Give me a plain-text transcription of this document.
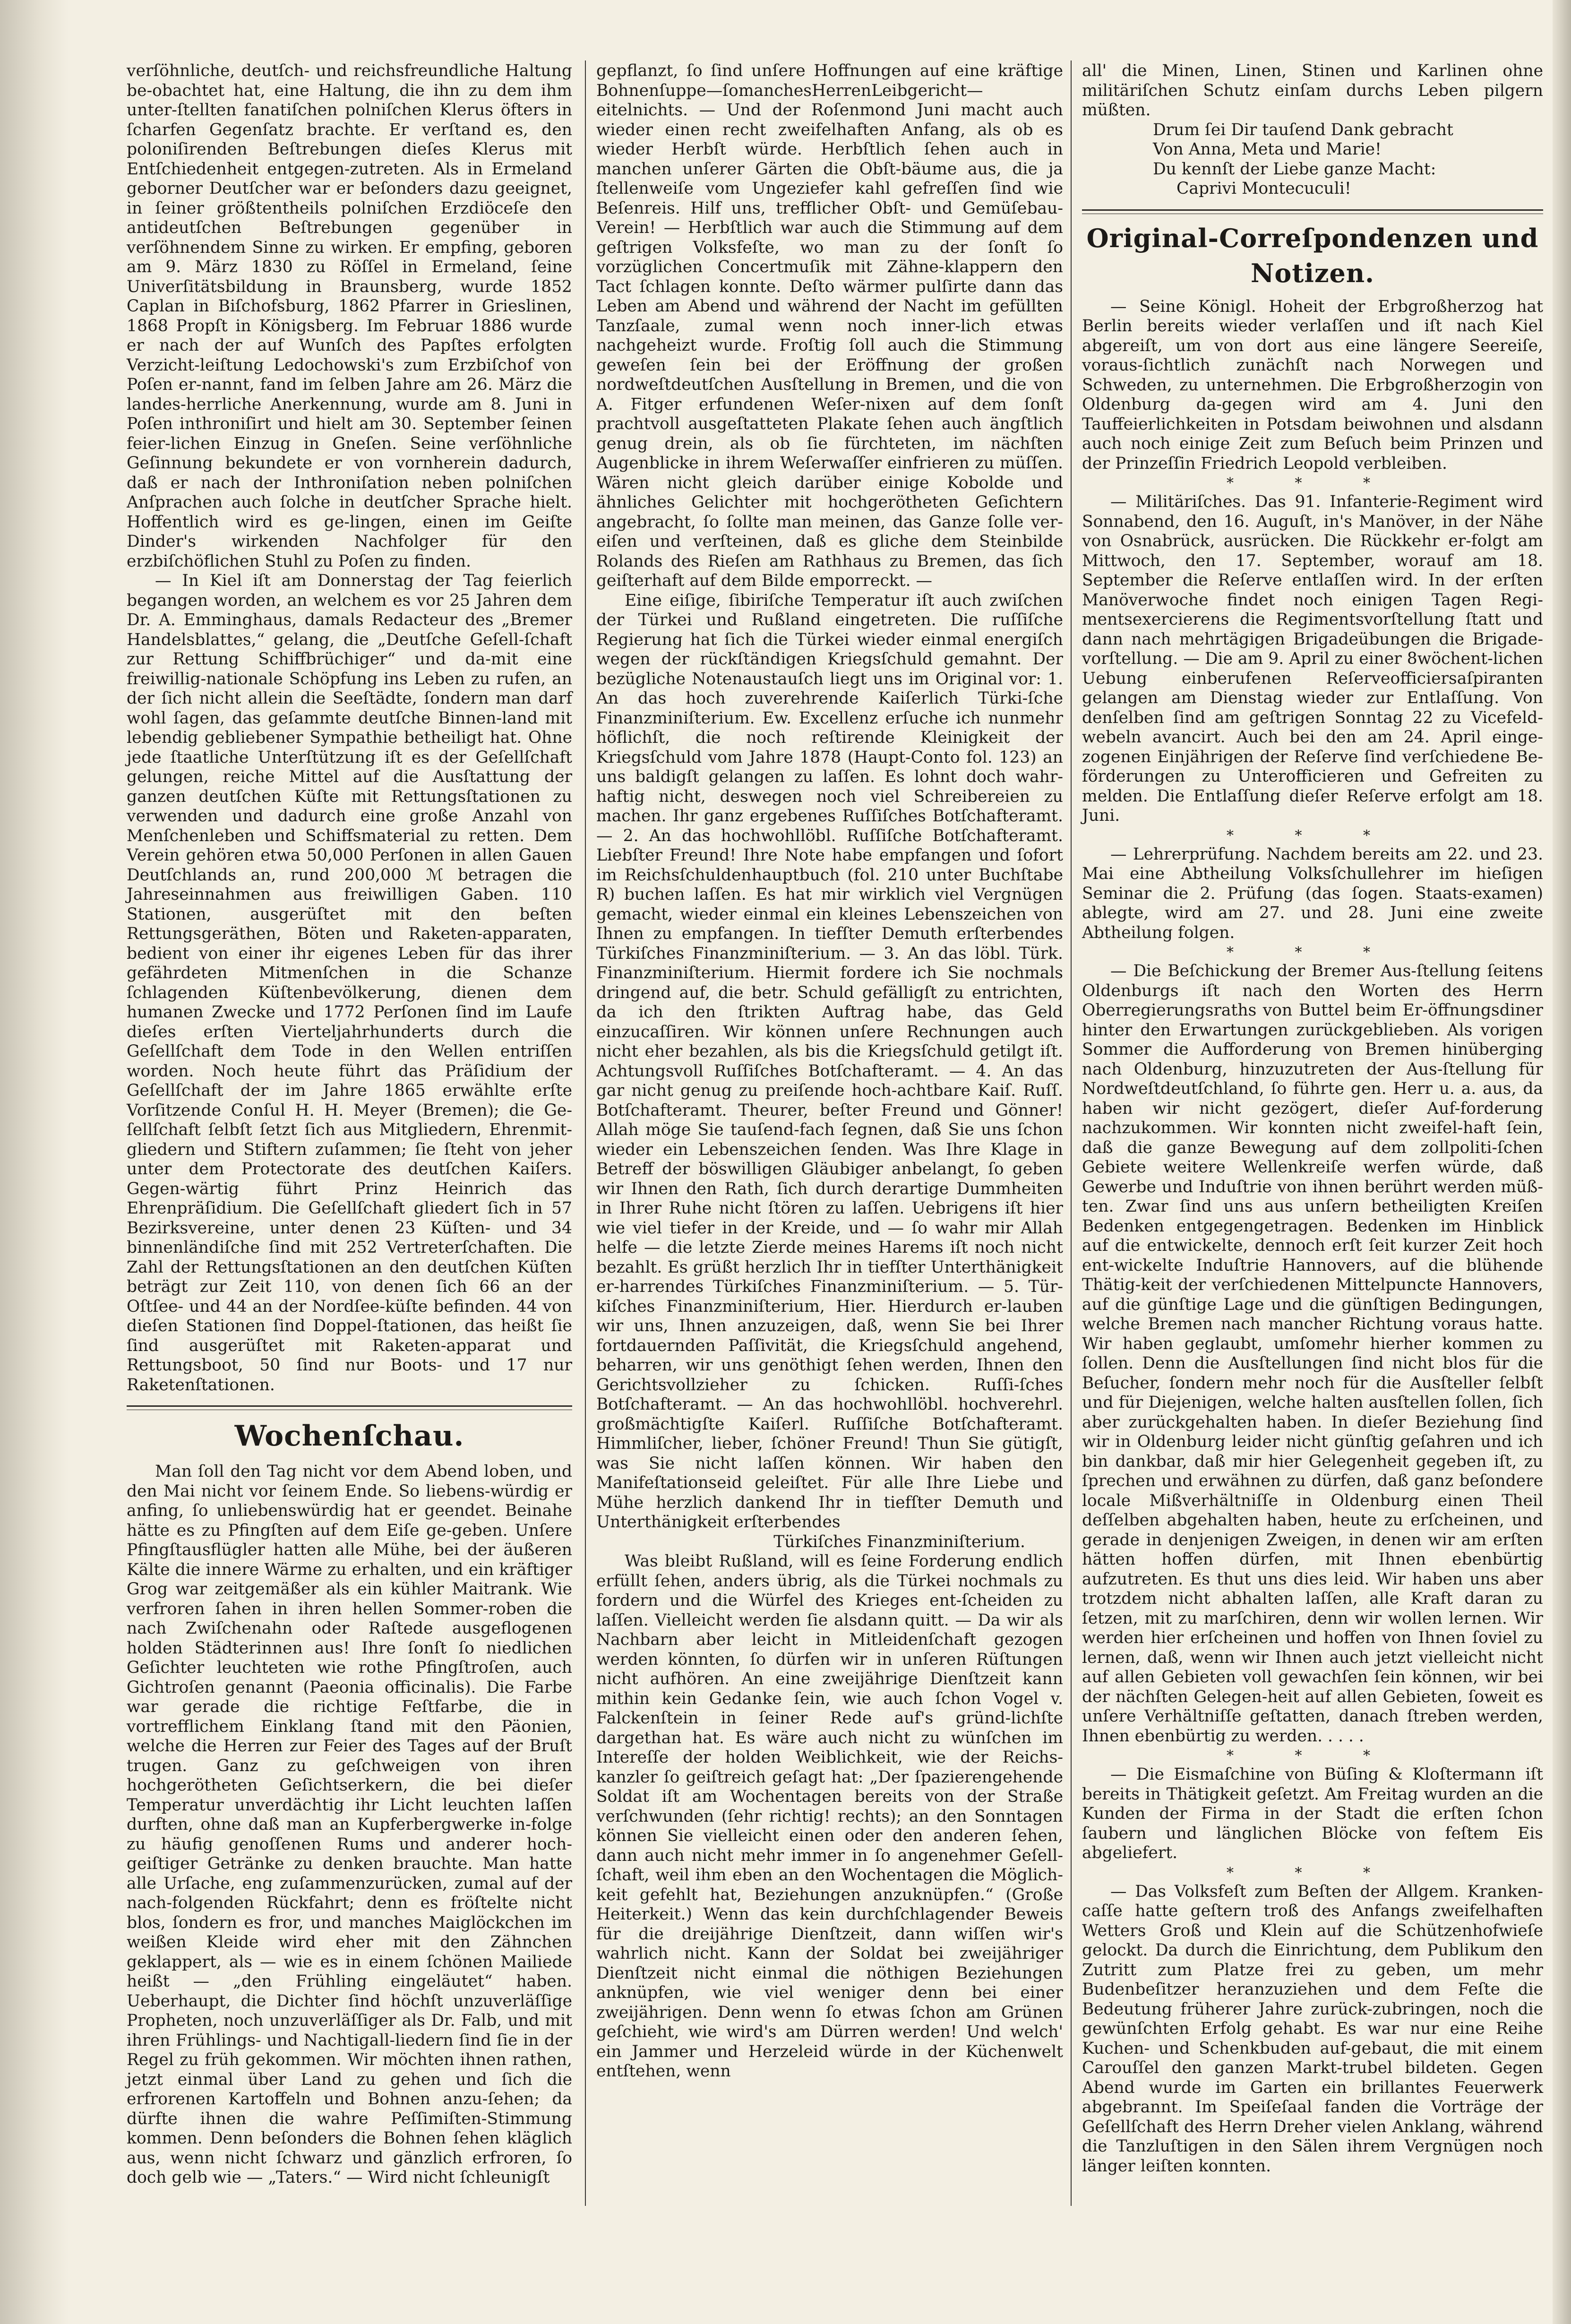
verſöhnliche, deutſch- und reichsfreundliche Haltung be-obachtet hat, eine Haltung, die ihn zu dem ihm unter-ſtellten fanatiſchen polniſchen Klerus öfters in ſcharfen Gegenſatz brachte. Er verſtand es, den poloniſirenden Beſtrebungen dieſes Klerus mit Entſchiedenheit entgegen-zutreten. Als in Ermeland geborner Deutſcher war er beſonders dazu geeignet, in ſeiner größtentheils polniſchen Erzdiöceſe den antideutſchen Beſtrebungen gegenüber in verſöhnendem Sinne zu wirken. Er empfing, geboren am 9. März 1830 zu Röſſel in Ermeland, ſeine Univerſitätsbildung in Braunsberg, wurde 1852 Caplan in Biſchofsburg, 1862 Pfarrer in Grieslinen, 1868 Propſt in Königsberg. Im Februar 1886 wurde er nach der auf Wunſch des Papſtes erfolgten Verzicht-leiſtung Ledochowski's zum Erzbiſchof von Poſen er-nannt, fand im ſelben Jahre am 26. März die landes-herrliche Anerkennung, wurde am 8. Juni in Poſen inthroniſirt und hielt am 30. September ſeinen feier-lichen Einzug in Gneſen. Seine verſöhnliche Geſinnung bekundete er von vornherein dadurch, daß er nach der Inthroniſation neben polniſchen Anſprachen auch ſolche in deutſcher Sprache hielt. Hoffentlich wird es ge-lingen, einen im Geiſte Dinder's wirkenden Nachfolger für den erzbiſchöflichen Stuhl zu Poſen zu finden.

— In Kiel iſt am Donnerstag der Tag feierlich begangen worden, an welchem es vor 25 Jahren dem Dr. A. Emminghaus, damals Redacteur des „Bremer Handelsblattes,“ gelang, die „Deutſche Geſell-ſchaft zur Rettung Schiffbrüchiger“ und da-mit eine freiwillig-nationale Schöpfung ins Leben zu rufen, an der ſich nicht allein die Seeſtädte, ſondern man darf wohl ſagen, das geſammte deutſche Binnen-land mit lebendig gebliebener Sympathie betheiligt hat. Ohne jede ſtaatliche Unterſtützung iſt es der Geſellſchaft gelungen, reiche Mittel auf die Ausſtattung der ganzen deutſchen Küſte mit Rettungsſtationen zu verwenden und dadurch eine große Anzahl von Menſchenleben und Schiffsmaterial zu retten. Dem Verein gehören etwa 50,000 Perſonen in allen Gauen Deutſchlands an, rund 200,000 ℳ betragen die Jahreseinnahmen aus freiwilligen Gaben. 110 Stationen, ausgerüſtet mit den beſten Rettungsgeräthen, Böten und Raketen-apparaten, bedient von einer ihr eigenes Leben für das ihrer gefährdeten Mitmenſchen in die Schanze ſchlagenden Küſtenbevölkerung, dienen dem humanen Zwecke und 1772 Perſonen ſind im Laufe dieſes erſten Vierteljahrhunderts durch die Geſellſchaft dem Tode in den Wellen entriſſen worden. Noch heute führt das Präſidium der Geſellſchaft der im Jahre 1865 erwählte erſte Vorſitzende Conſul H. H. Meyer (Bremen); die Ge-ſellſchaft ſelbſt ſetzt ſich aus Mitgliedern, Ehrenmit-gliedern und Stiftern zuſammen; ſie ſteht von jeher unter dem Protectorate des deutſchen Kaiſers. Gegen-wärtig führt Prinz Heinrich das Ehrenpräſidium. Die Geſellſchaft gliedert ſich in 57 Bezirksvereine, unter denen 23 Küſten- und 34 binnenländiſche ſind mit 252 Vertreterſchaften. Die Zahl der Rettungsſtationen an den deutſchen Küſten beträgt zur Zeit 110, von denen ſich 66 an der Oſtſee- und 44 an der Nordſee-küſte befinden. 44 von dieſen Stationen ſind Doppel-ſtationen, das heißt ſie ſind ausgerüſtet mit Raketen-apparat und Rettungsboot, 50 ſind nur Boots- und 17 nur Raketenſtationen.

Wochenſchau.

Man ſoll den Tag nicht vor dem Abend loben, und den Mai nicht vor ſeinem Ende. So liebens-würdig er anfing, ſo unliebenswürdig hat er geendet. Beinahe hätte es zu Pfingſten auf dem Eiſe ge-geben. Unſere Pfingſtausflügler hatten alle Mühe, bei der äußeren Kälte die innere Wärme zu erhalten, und ein kräftiger Grog war zeitgemäßer als ein kühler Maitrank. Wie verfroren ſahen in ihren hellen Sommer-roben die nach Zwiſchenahn oder Raſtede ausgeflogenen holden Städterinnen aus! Ihre ſonſt ſo niedlichen Geſichter leuchteten wie rothe Pfingſtroſen, auch Gichtroſen genannt (Paeonia officinalis). Die Farbe war gerade die richtige Feſtfarbe, die in vortrefflichem Einklang ſtand mit den Päonien, welche die Herren zur Feier des Tages auf der Bruſt trugen. Ganz zu geſchweigen von ihren hochgerötheten Geſichtserkern, die bei dieſer Temperatur unverdächtig ihr Licht leuchten laſſen durften, ohne daß man an Kupferbergwerke in-folge zu häufig genoſſenen Rums und anderer hoch-geiſtiger Getränke zu denken brauchte. Man hatte alle Urſache, eng zuſammenzurücken, zumal auf der nach-folgenden Rückfahrt; denn es fröſtelte nicht blos, ſondern es fror, und manches Maiglöckchen im weißen Kleide wird eher mit den Zähnchen geklappert, als — wie es in einem ſchönen Mailiede heißt — „den Frühling eingeläutet“ haben. Ueberhaupt, die Dichter ſind höchſt unzuverläſſige Propheten, noch unzuverläſſiger als Dr. Falb, und mit ihren Frühlings- und Nachtigall-liedern ſind ſie in der Regel zu früh gekommen. Wir möchten ihnen rathen, jetzt einmal über Land zu gehen und ſich die erfrorenen Kartoffeln und Bohnen anzu-ſehen; da dürfte ihnen die wahre Peſſimiſten-Stimmung kommen. Denn beſonders die Bohnen ſehen kläglich aus, wenn nicht ſchwarz und gänzlich erfroren, ſo doch gelb wie — „Taters.“ — Wird nicht ſchleunigſt

gepflanzt, ſo ſind unſere Hoffnungen auf eine kräftige Bohnenſuppe—ſomanchesHerrenLeibgericht—eitelnichts. — Und der Roſenmond Juni macht auch wieder einen recht zweifelhaften Anfang, als ob es wieder Herbſt würde. Herbſtlich ſehen auch in manchen unſerer Gärten die Obſt-bäume aus, die ja ſtellenweiſe vom Ungeziefer kahl gefreſſen ſind wie Beſenreis. Hilf uns, trefflicher Obſt- und Gemüſebau-Verein! — Herbſtlich war auch die Stimmung auf dem geſtrigen Volksfeſte, wo man zu der ſonſt ſo vorzüglichen Concertmuſik mit Zähne-klappern den Tact ſchlagen konnte. Deſto wärmer pulſirte dann das Leben am Abend und während der Nacht im gefüllten Tanzſaale, zumal wenn noch inner-lich etwas nachgeheizt wurde. Froſtig ſoll auch die Stimmung geweſen ſein bei der Eröffnung der großen nordweſtdeutſchen Ausſtellung in Bremen, und die von A. Fitger erfundenen Weſer-nixen auf dem ſonſt prachtvoll ausgeſtatteten Plakate ſehen auch ängſtlich genug drein, als ob ſie fürchteten, im nächſten Augenblicke in ihrem Weſerwaſſer einfrieren zu müſſen. Wären nicht gleich darüber einige Kobolde und ähnliches Gelichter mit hochgerötheten Geſichtern angebracht, ſo ſollte man meinen, das Ganze ſolle ver-eiſen und verſteinen, daß es gliche dem Steinbilde Rolands des Rieſen am Rathhaus zu Bremen, das ſich geiſterhaft auf dem Bilde emporreckt. —

Eine eiſige, ſibiriſche Temperatur iſt auch zwiſchen der Türkei und Rußland eingetreten. Die ruſſiſche Regierung hat ſich die Türkei wieder einmal energiſch wegen der rückſtändigen Kriegsſchuld gemahnt. Der bezügliche Notenaustauſch liegt uns im Original vor: 1. An das hoch zuverehrende Kaiſerlich Türki-ſche Finanzminiſterium. Ew. Excellenz erſuche ich nunmehr höflichſt, die noch reſtirende Kleinigkeit der Kriegsſchuld vom Jahre 1878 (Haupt-Conto fol. 123) an uns baldigſt gelangen zu laſſen. Es lohnt doch wahr-haftig nicht, deswegen noch viel Schreibereien zu machen. Ihr ganz ergebenes Ruſſiſches Botſchafteramt. — 2. An das hochwohllöbl. Ruſſiſche Botſchafteramt. Liebſter Freund! Ihre Note habe empfangen und ſofort im Reichsſchuldenhauptbuch (fol. 210 unter Buchſtabe R) buchen laſſen. Es hat mir wirklich viel Vergnügen gemacht, wieder einmal ein kleines Lebenszeichen von Ihnen zu empfangen. In tiefſter Demuth erſterbendes Türkiſches Finanzminiſterium. — 3. An das löbl. Türk. Finanzminiſterium. Hiermit fordere ich Sie nochmals dringend auf, die betr. Schuld gefälligſt zu entrichten, da ich den ſtrikten Auftrag habe, das Geld einzucaſſiren. Wir können unſere Rechnungen auch nicht eher bezahlen, als bis die Kriegsſchuld getilgt iſt. Achtungsvoll Ruſſiſches Botſchafteramt. — 4. An das gar nicht genug zu preiſende hoch-achtbare Kaiſ. Ruſſ. Botſchafteramt. Theurer, beſter Freund und Gönner! Allah möge Sie tauſend-fach ſegnen, daß Sie uns ſchon wieder ein Lebenszeichen ſenden. Was Ihre Klage in Betreff der böswilligen Gläubiger anbelangt, ſo geben wir Ihnen den Rath, ſich durch derartige Dummheiten in Ihrer Ruhe nicht ſtören zu laſſen. Uebrigens iſt hier wie viel tiefer in der Kreide, und — ſo wahr mir Allah helfe — die letzte Zierde meines Harems iſt noch nicht bezahlt. Es grüßt herzlich Ihr in tiefſter Unterthänigkeit er-harrendes Türkiſches Finanzminiſterium. — 5. Tür-kiſches Finanzminiſterium, Hier. Hierdurch er-lauben wir uns, Ihnen anzuzeigen, daß, wenn Sie bei Ihrer fortdauernden Paſſivität, die Kriegsſchuld angehend, beharren, wir uns genöthigt ſehen werden, Ihnen den Gerichtsvollzieher zu ſchicken. Ruſſi-ſches Botſchafteramt. — An das hochwohllöbl. hochverehrl. großmächtigſte Kaiſerl. Ruſſiſche Botſchafteramt. Himmliſcher, lieber, ſchöner Freund! Thun Sie gütigſt, was Sie nicht laſſen können. Wir haben den Manifeſtationseid geleiſtet. Für alle Ihre Liebe und Mühe herzlich dankend Ihr in tiefſter Demuth und Unterthänigkeit erſterbendes

Türkiſches Finanzminiſterium.

Was bleibt Rußland, will es ſeine Forderung endlich erfüllt ſehen, anders übrig, als die Türkei nochmals zu fordern und die Würfel des Krieges ent-ſcheiden zu laſſen. Vielleicht werden ſie alsdann quitt. — Da wir als Nachbarn aber leicht in Mitleidenſchaft gezogen werden könnten, ſo dürfen wir in unſeren Rüſtungen nicht aufhören. An eine zweijährige Dienſtzeit kann mithin kein Gedanke ſein, wie auch ſchon Vogel v. Falckenſtein in ſeiner Rede auf's gründ-lichſte dargethan hat. Es wäre auch nicht zu wünſchen im Intereſſe der holden Weiblichkeit, wie der Reichs-kanzler ſo geiſtreich geſagt hat: „Der ſpazierengehende Soldat iſt am Wochentagen bereits von der Straße verſchwunden (ſehr richtig! rechts); an den Sonntagen können Sie vielleicht einen oder den anderen ſehen, dann auch nicht mehr immer in ſo angenehmer Geſell-ſchaft, weil ihm eben an den Wochentagen die Möglich-keit gefehlt hat, Beziehungen anzuknüpfen.“ (Große Heiterkeit.) Wenn das kein durchſchlagender Beweis für die dreijährige Dienſtzeit, dann wiſſen wir's wahrlich nicht. Kann der Soldat bei zweijähriger Dienſtzeit nicht einmal die nöthigen Beziehungen anknüpfen, wie viel weniger denn bei einer zweijährigen. Denn wenn ſo etwas ſchon am Grünen geſchieht, wie wird's am Dürren werden! Und welch' ein Jammer und Herzeleid würde in der Küchenwelt entſtehen, wenn

all' die Minen, Linen, Stinen und Karlinen ohne militäriſchen Schutz einſam durchs Leben pilgern müßten.

Drum ſei Dir tauſend Dank gebracht

Von Anna, Meta und Marie!

Du kennſt der Liebe ganze Macht:

Caprivi Montecuculi!

Original-Correſpondenzen und Notizen.

— Seine Königl. Hoheit der Erbgroßherzog hat Berlin bereits wieder verlaſſen und iſt nach Kiel abgereiſt, um von dort aus eine längere Seereiſe, voraus-ſichtlich zunächſt nach Norwegen und Schweden, zu unternehmen. Die Erbgroßherzogin von Oldenburg da-gegen wird am 4. Juni den Tauffeierlichkeiten in Potsdam beiwohnen und alsdann auch noch einige Zeit zum Beſuch beim Prinzen und der Prinzeſſin Friedrich Leopold verbleiben.

* * *

— Militäriſches. Das 91. Infanterie-Regiment wird Sonnabend, den 16. Auguſt, in's Manöver, in der Nähe von Osnabrück, ausrücken. Die Rückkehr er-folgt am Mittwoch, den 17. September, worauf am 18. September die Reſerve entlaſſen wird. In der erſten Manöverwoche findet noch einigen Tagen Regi-mentsexercierens die Regimentsvorſtellung ſtatt und dann nach mehrtägigen Brigadeübungen die Brigade-vorſtellung. — Die am 9. April zu einer 8wöchent-lichen Uebung einberufenen Reſerveofficiersaſpiranten gelangen am Dienstag wieder zur Entlaſſung. Von denſelben ſind am geſtrigen Sonntag 22 zu Vicefeld-webeln avancirt. Auch bei den am 24. April einge-zogenen Einjährigen der Reſerve ſind verſchiedene Be-förderungen zu Unterofficieren und Gefreiten zu melden. Die Entlaſſung dieſer Reſerve erfolgt am 18. Juni.

* * *

— Lehrerprüfung. Nachdem bereits am 22. und 23. Mai eine Abtheilung Volksſchullehrer im hieſigen Seminar die 2. Prüfung (das ſogen. Staats-examen) ablegte, wird am 27. und 28. Juni eine zweite Abtheilung folgen.

* * *

— Die Beſchickung der Bremer Aus-ſtellung ſeitens Oldenburgs iſt nach den Worten des Herrn Oberregierungsraths von Buttel beim Er-öffnungsdiner hinter den Erwartungen zurückgeblieben. Als vorigen Sommer die Aufforderung von Bremen hinüberging nach Oldenburg, hinzuzutreten der Aus-ſtellung für Nordweſtdeutſchland, ſo führte gen. Herr u. a. aus, da haben wir nicht gezögert, dieſer Auf-forderung nachzukommen. Wir konnten nicht zweifel-haft ſein, daß die ganze Bewegung auf dem zollpoliti-ſchen Gebiete weitere Wellenkreiſe werfen würde, daß Gewerbe und Induſtrie von ihnen berührt werden müß-ten. Zwar ſind uns aus unſern betheiligten Kreiſen Bedenken entgegengetragen. Bedenken im Hinblick auf die entwickelte, dennoch erſt ſeit kurzer Zeit hoch ent-wickelte Induſtrie Hannovers, auf die blühende Thätig-keit der verſchiedenen Mittelpuncte Hannovers, auf die günſtige Lage und die günſtigen Bedingungen, welche Bremen nach mancher Richtung voraus hatte. Wir haben geglaubt, umſomehr hierher kommen zu ſollen. Denn die Ausſtellungen ſind nicht blos für die Beſucher, ſondern mehr noch für die Ausſteller ſelbſt und für Diejenigen, welche halten ausſtellen ſollen, ſich aber zurückgehalten haben. In dieſer Beziehung ſind wir in Oldenburg leider nicht günſtig geſahren und ich bin dankbar, daß mir hier Gelegenheit gegeben iſt, zu ſprechen und erwähnen zu dürfen, daß ganz beſondere locale Mißverhältniſſe in Oldenburg einen Theil deſſelben abgehalten haben, heute zu erſcheinen, und gerade in denjenigen Zweigen, in denen wir am erſten hätten hoffen dürfen, mit Ihnen ebenbürtig aufzutreten. Es thut uns dies leid. Wir haben uns aber trotzdem nicht abhalten laſſen, alle Kraft daran zu ſetzen, mit zu marſchiren, denn wir wollen lernen. Wir werden hier erſcheinen und hoffen von Ihnen ſoviel zu lernen, daß, wenn wir Ihnen auch jetzt vielleicht nicht auf allen Gebieten voll gewachſen ſein können, wir bei der nächſten Gelegen-heit auf allen Gebieten, ſoweit es unſere Verhältniſſe geſtatten, danach ſtreben werden, Ihnen ebenbürtig zu werden. . . . .

* * *

— Die Eismaſchine von Büſing & Kloſtermann iſt bereits in Thätigkeit geſetzt. Am Freitag wurden an die Kunden der Firma in der Stadt die erſten ſchon ſaubern und länglichen Blöcke von feſtem Eis abgeliefert.

* * *

— Das Volksfeſt zum Beſten der Allgem. Kranken-caſſe hatte geſtern troß des Anfangs zweifelhaften Wetters Groß und Klein auf die Schützenhofwieſe gelockt. Da durch die Einrichtung, dem Publikum den Zutritt zum Platze frei zu geben, um mehr Budenbeſitzer heranzuziehen und dem Feſte die Bedeutung früherer Jahre zurück-zubringen, noch die gewünſchten Erfolg gehabt. Es war nur eine Reihe Kuchen- und Schenkbuden auf-gebaut, die mit einem Carouſſel den ganzen Markt-trubel bildeten. Gegen Abend wurde im Garten ein brillantes Feuerwerk abgebrannt. Im Speiſeſaal fanden die Vorträge der Geſellſchaft des Herrn Dreher vielen Anklang, während die Tanzluſtigen in den Sälen ihrem Vergnügen noch länger leiſten konnten.
